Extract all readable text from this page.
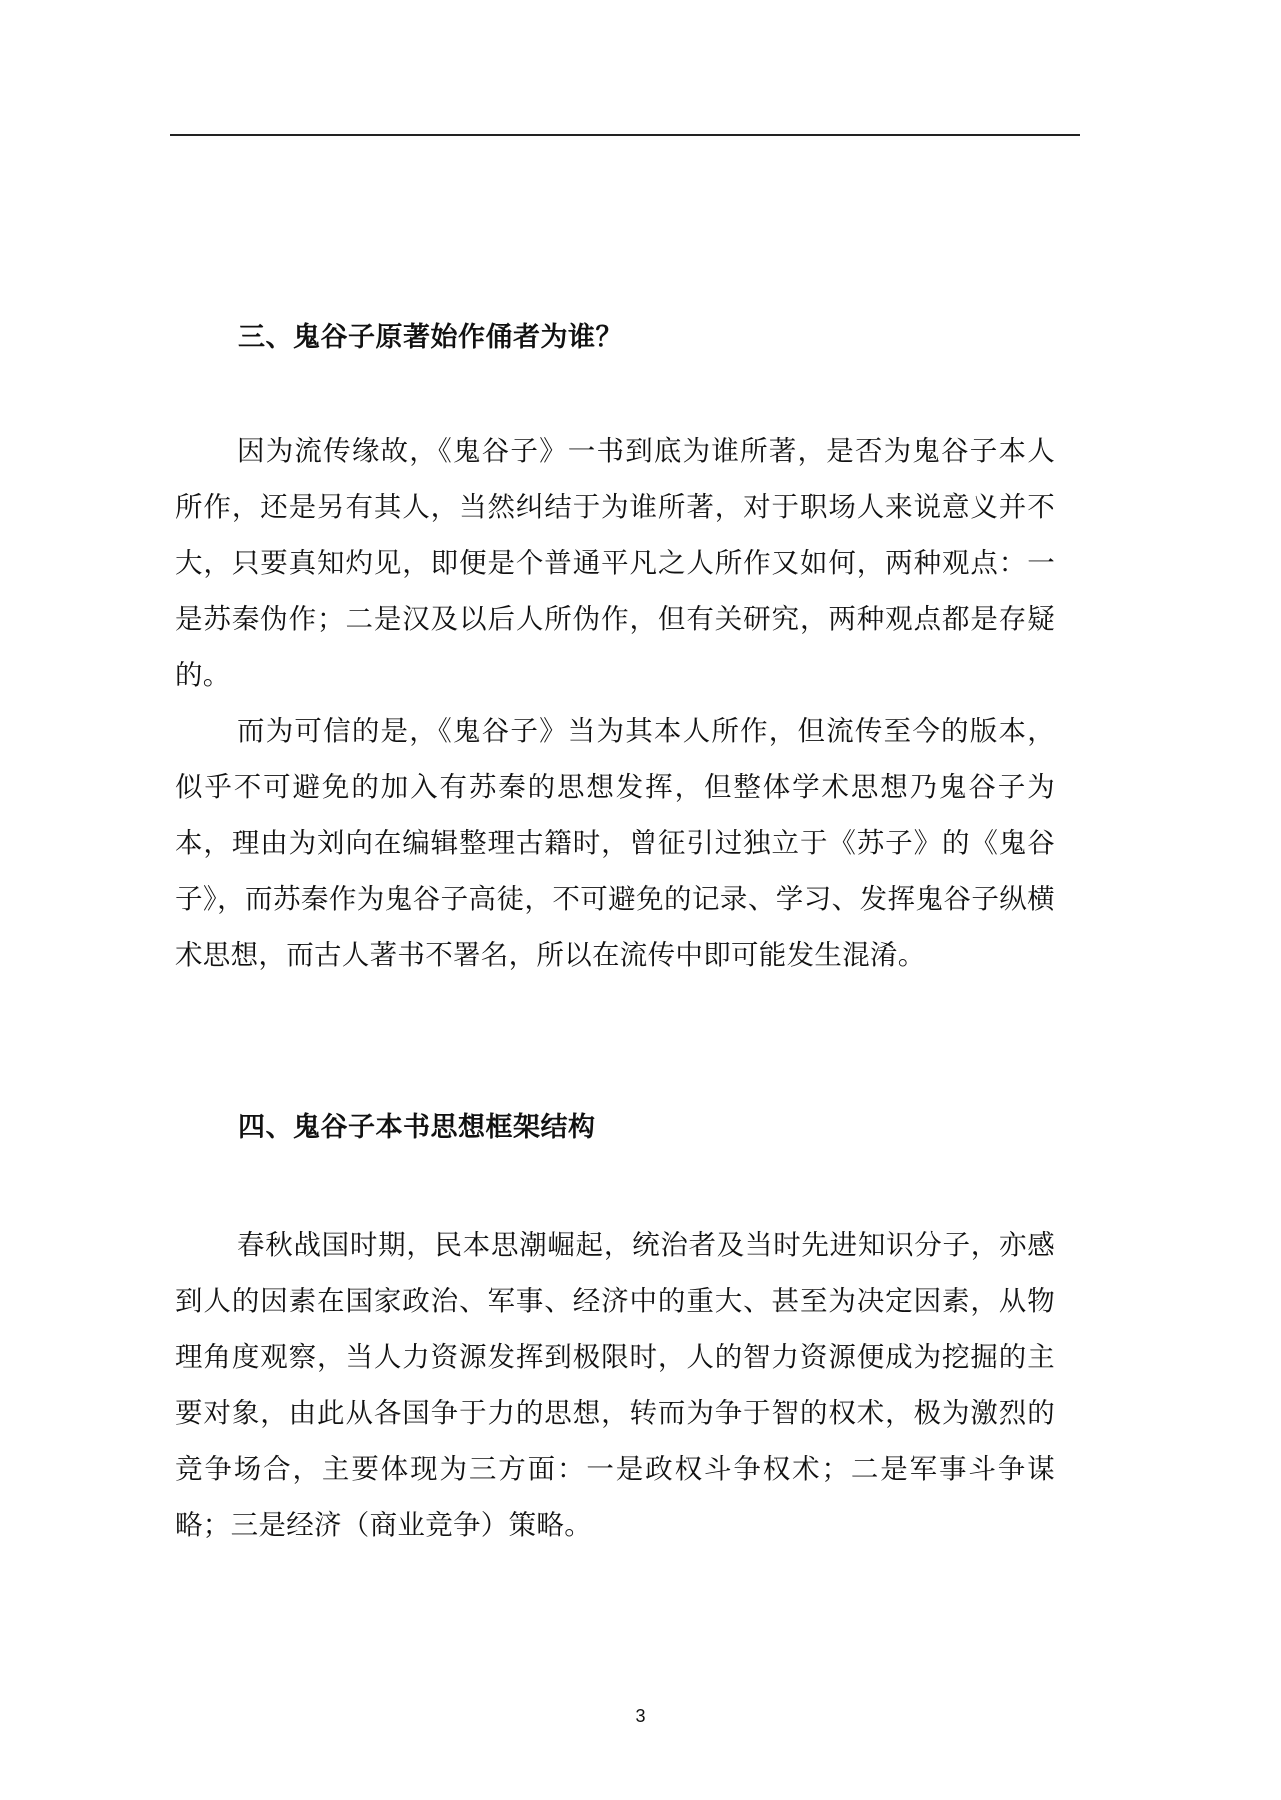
三、鬼谷子原著始作俑者为谁？

因为流传缘故，《鬼谷子》一书到底为谁所著，是否为鬼谷子本人所作，还是另有其人，当然纠结于为谁所著，对于职场人来说意义并不大，只要真知灼见，即便是个普通平凡之人所作又如何，两种观点：一是苏秦伪作；二是汉及以后人所伪作，但有关研究，两种观点都是存疑的。

而为可信的是，《鬼谷子》当为其本人所作，但流传至今的版本，似乎不可避免的加入有苏秦的思想发挥，但整体学术思想乃鬼谷子为本，理由为刘向在编辑整理古籍时，曾征引过独立于《苏子》的《鬼谷子》，而苏秦作为鬼谷子高徒，不可避免的记录、学习、发挥鬼谷子纵横术思想，而古人著书不署名，所以在流传中即可能发生混淆。

四、鬼谷子本书思想框架结构

春秋战国时期，民本思潮崛起，统治者及当时先进知识分子，亦感到人的因素在国家政治、军事、经济中的重大、甚至为决定因素，从物理角度观察，当人力资源发挥到极限时，人的智力资源便成为挖掘的主要对象，由此从各国争于力的思想，转而为争于智的权术，极为激烈的竞争场合，主要体现为三方面：一是政权斗争权术；二是军事斗争谋略；三是经济（商业竞争）策略。

3
